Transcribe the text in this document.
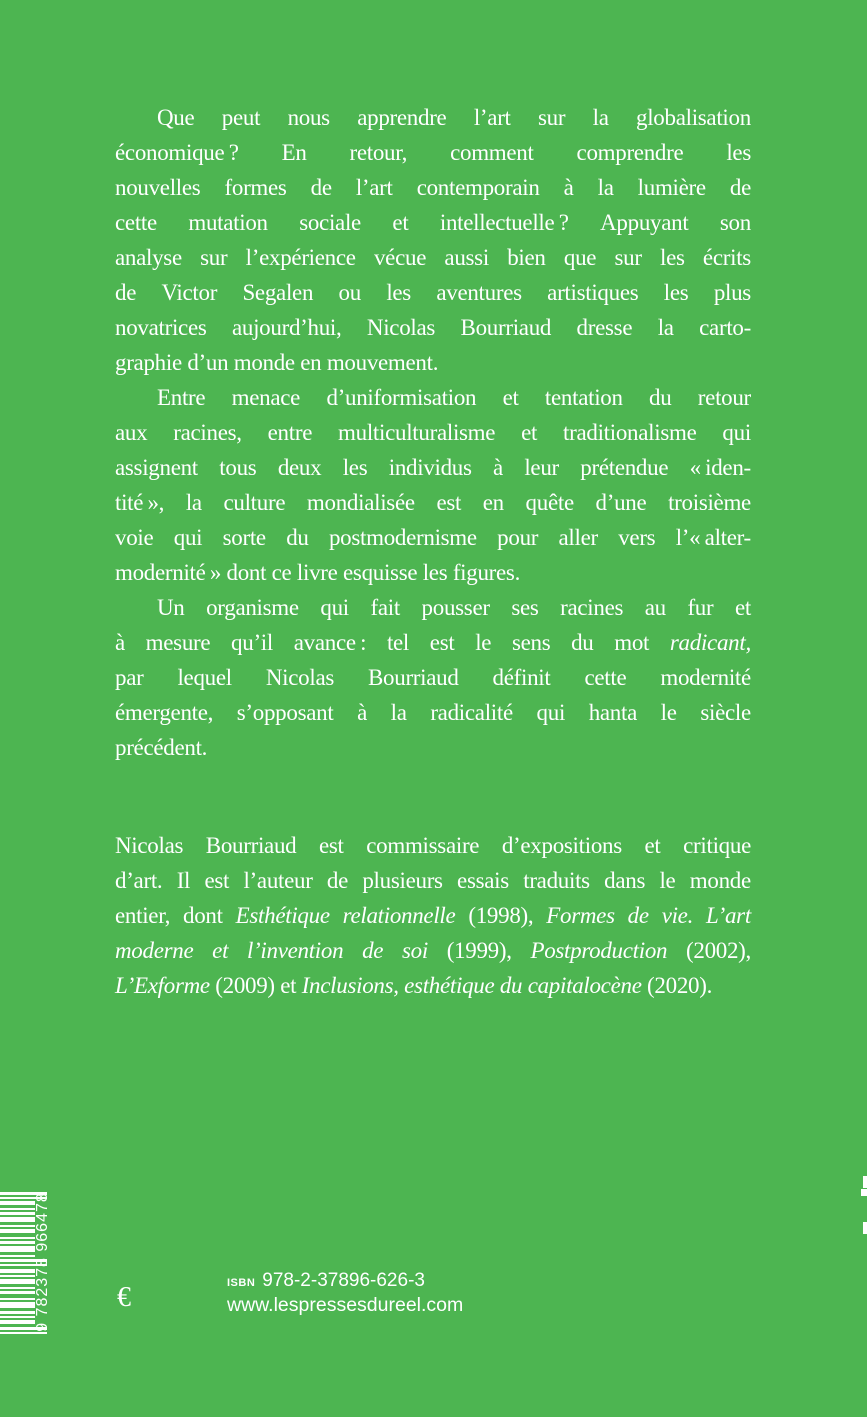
Que peut nous apprendre l’art sur la globalisation
économique ? En retour, comment comprendre les
nouvelles formes de l’art contemporain à la lumière de
cette mutation sociale et intellectuelle ? Appuyant son
analyse sur l’expérience vécue aussi bien que sur les écrits
de Victor Segalen ou les aventures artistiques les plus
novatrices aujourd’hui, Nicolas Bourriaud dresse la carto-
graphie d’un monde en mouvement.
Entre menace d’uniformisation et tentation du retour
aux racines, entre multiculturalisme et traditionalisme qui
assignent tous deux les individus à leur prétendue « iden-
tité », la culture mondialisée est en quête d’une troisième
voie qui sorte du postmodernisme pour aller vers l’« alter-
modernité » dont ce livre esquisse les figures.
Un organisme qui fait pousser ses racines au fur et
à mesure qu’il avance : tel est le sens du mot radicant,
par lequel Nicolas Bourriaud définit cette modernité
émergente, s’opposant à la radicalité qui hanta le siècle
précédent.
Nicolas Bourriaud est commissaire d’expositions et critique
d’art. Il est l’auteur de plusieurs essais traduits dans le monde
entier, dont Esthétique relationnelle (1998), Formes de vie. L’art
moderne et l’invention de soi (1999), Postproduction (2002),
L’Exforme (2009) et Inclusions, esthétique du capitalocène (2020).
9 782378 966478 €	ISBN 978-2-37896-626-3
www.lespressesdureel.com
